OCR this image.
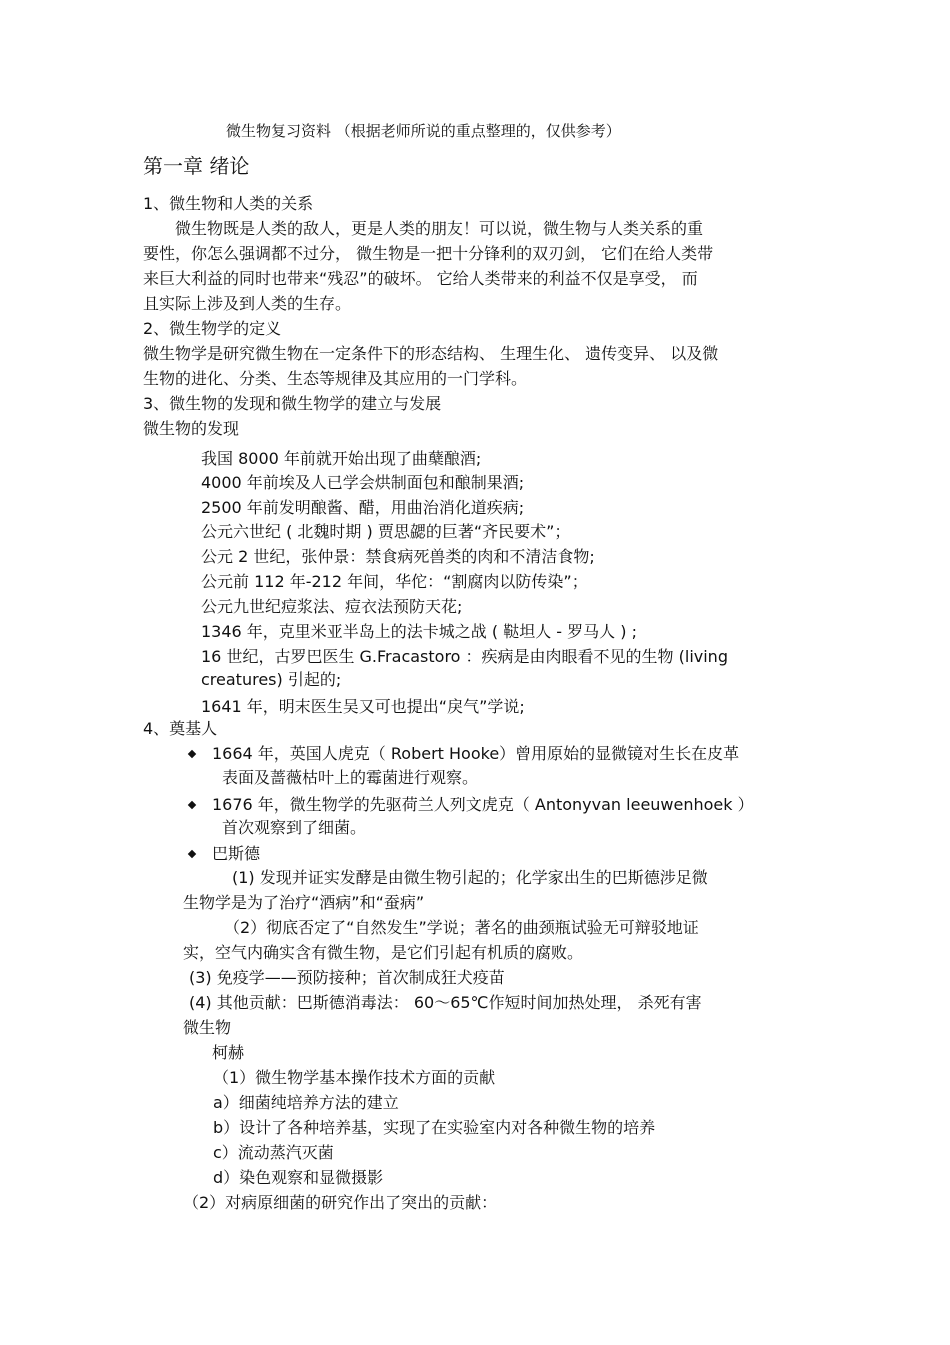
微生物复习资料 （根据老师所说的重点整理的，仅供参考）
第一章 绪论
1、微生物和人类的关系
微生物既是人类的敌人，更是人类的朋友！可以说，微生物与人类关系的重
要性，你怎么强调都不过分， 微生物是一把十分锋利的双刃剑， 它们在给人类带
来巨大利益的同时也带来“残忍”的破坏。 它给人类带来的利益不仅是享受， 而
且实际上涉及到人类的生存。
2、微生物学的定义
微生物学是研究微生物在一定条件下的形态结构、 生理生化、 遗传变异、 以及微
生物的进化、分类、生态等规律及其应用的一门学科。
3、微生物的发现和微生物学的建立与发展
微生物的发现
我国 8000 年前就开始出现了曲蘖酿酒;
4000 年前埃及人已学会烘制面包和酿制果酒;
2500 年前发明酿酱、醋，用曲治消化道疾病;
公元六世纪 ( 北魏时期 ) 贾思勰的巨著“齐民要术”；
公元 2 世纪，张仲景：禁食病死兽类的肉和不清洁食物;
公元前 112 年-212 年间，华佗：“割腐肉以防传染”；
公元九世纪痘浆法、痘衣法预防天花;
1346 年，克里米亚半岛上的法卡城之战 ( 鞑坦人 - 罗马人 ) ;
16 世纪，古罗巴医生 G.Fracastoro ：疾病是由肉眼看不见的生物 (living
creatures) 引起的;
1641 年，明末医生吴又可也提出“戾气”学说;
4、奠基人
1664 年，英国人虎克（ Robert Hooke）曾用原始的显微镜对生长在皮革
表面及蔷薇枯叶上的霉菌进行观察。
1676 年，微生物学的先驱荷兰人列文虎克（ Antonyvan leeuwenhoek ）
首次观察到了细菌。
巴斯德
(1) 发现并证实发酵是由微生物引起的；化学家出生的巴斯德涉足微
生物学是为了治疗“酒病”和“蚕病”
（2）彻底否定了“自然发生”学说；著名的曲颈瓶试验无可辩驳地证
实，空气内确实含有微生物，是它们引起有机质的腐败。
(3) 免疫学——预防接种；首次制成狂犬疫苗
(4) 其他贡献：巴斯德消毒法： 60～65℃作短时间加热处理， 杀死有害
微生物
柯赫
（1）微生物学基本操作技术方面的贡献
a）细菌纯培养方法的建立
b）设计了各种培养基，实现了在实验室内对各种微生物的培养
c）流动蒸汽灭菌
d）染色观察和显微摄影
（2）对病原细菌的研究作出了突出的贡献：
